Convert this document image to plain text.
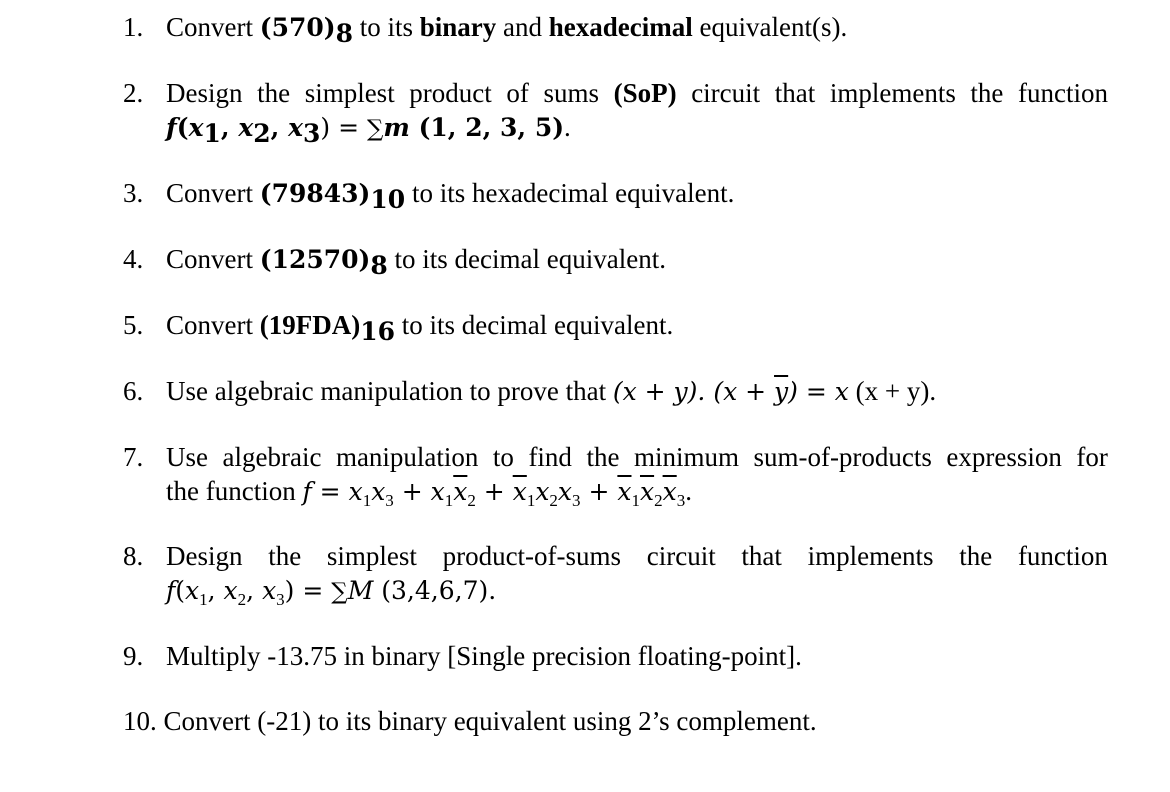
1. Convert $(570)_8$ to its binary and hexadecimal equivalent(s).
2. Design the simplest product of sums (SoP) circuit that implements the function
$f(x_1$, $x_2$, $x_3) = \sum m$ (1, 2, 3, 5).
3. Convert $(79843)_{10}$ to its hexadecimal equivalent.
4. Convert $(12570)_8$ to its decimal equivalent.
5. Convert $(19FDA)_{16}$ to its decimal equivalent.
6. Use algebraic manipulation to prove that (x + y). $(x + \overline{y}) = x$ (x + y).
7. Use algebraic manipulation to find the minimum sum-of-products expression for
the function $f = x_1x_3 + x_1\overline{x}_2 + \overline{x}_1x_2x_3 + \overline{x}_1\overline{x}_2\overline{x}_3$.
8. Design the simplest product-of-sums circuit that implements the function
$f(x_1$, $x_2$, $x_3) = \sum M$ (3,4,6,7).
9. Multiply -13.75 in binary [Single precision floating-point].
10. Convert (-21) to its binary equivalent using 2’s complement.
